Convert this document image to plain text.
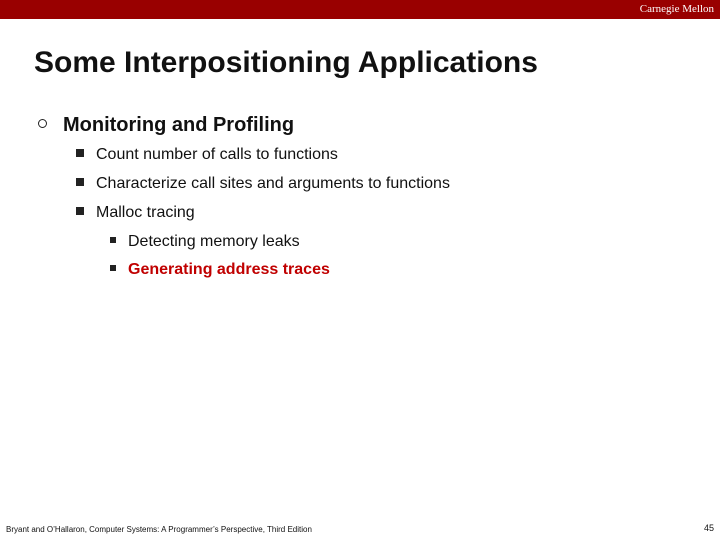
Carnegie Mellon
Some Interpositioning Applications
Monitoring and Profiling
Count number of calls to functions
Characterize call sites and arguments to functions
Malloc tracing
Detecting memory leaks
Generating address traces
Bryant and O’Hallaron, Computer Systems: A Programmer’s Perspective, Third Edition	45
